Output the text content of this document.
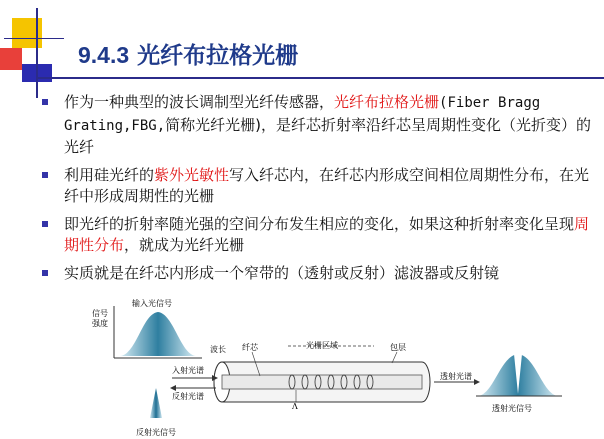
9.4.3 光纤布拉格光栅
作为一种典型的波长调制型光纤传感器，光纤布拉格光栅(Fiber Bragg Grating,FBG,简称光纤光栅)，是纤芯折射率沿纤芯呈周期性变化（光折变）的光纤
利用硅光纤的紫外光敏性写入纤芯内，在纤芯内形成空间相位周期性分布，在光纤中形成周期性的光栅
即光纤的折射率随光强的空间分布发生相应的变化，如果这种折射率变化呈现周期性分布，就成为光纤光栅
实质就是在纤芯内形成一个窄带的（透射或反射）滤波器或反射镜
输入光信号
信号
强度
波长 纤芯	光栅区域	包层
Λ
入射光谱
反射光谱
透射光谱
透射光信号
反射光信号
